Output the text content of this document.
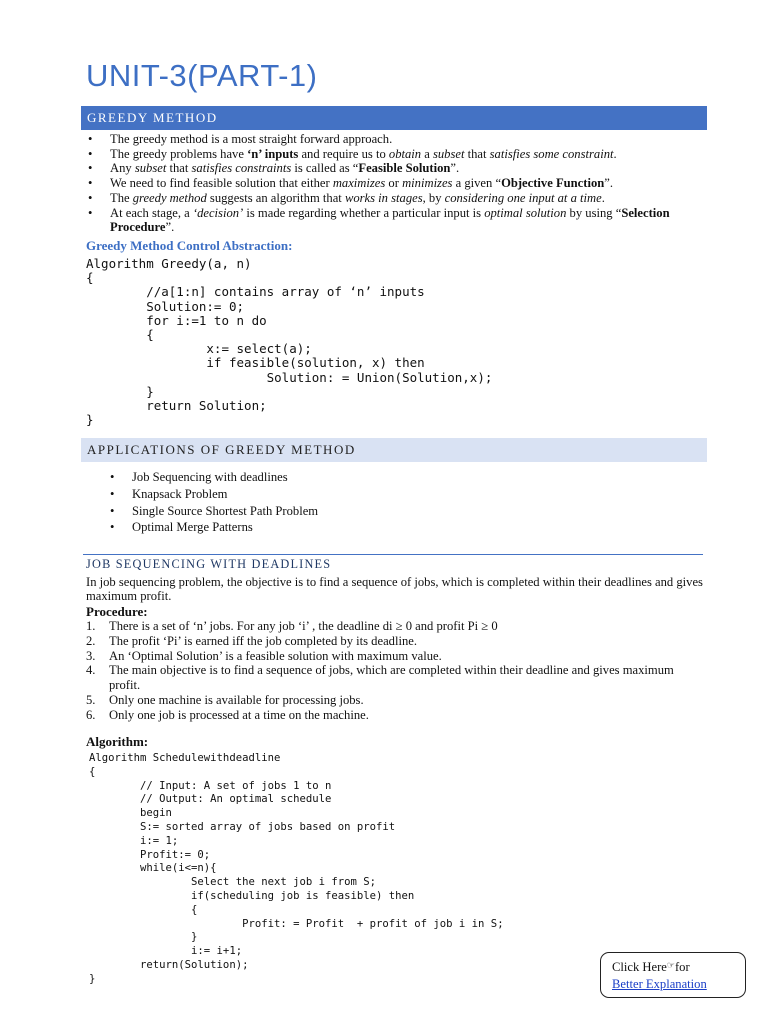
UNIT-3(PART-1)
GREEDY METHOD
• The greedy method is a most straight forward approach.
• The greedy problems have ‘n’ inputs and require us to obtain a subset that satisfies some constraint.
• Any subset that satisfies constraints is called as “Feasible Solution”.
• We need to find feasible solution that either maximizes or minimizes a given “Objective Function”.
• The greedy method suggests an algorithm that works in stages, by considering one input at a time.
• At each stage, a ‘decision’ is made regarding whether a particular input is optimal solution by using “Selection Procedure”.
Greedy Method Control Abstraction:
Algorithm Greedy(a, n)
{
//a[1:n] contains array of ‘n’ inputs
Solution:= 0;
for i:=1 to n do
{
x:= select(a);
if feasible(solution, x) then
Solution: = Union(Solution,x);
}
return Solution;
}
APPLICATIONS OF GREEDY METHOD
• Job Sequencing with deadlines
• Knapsack Problem
• Single Source Shortest Path Problem
• Optimal Merge Patterns
JOB SEQUENCING WITH DEADLINES
In job sequencing problem, the objective is to find a sequence of jobs, which is completed within their deadlines and gives maximum profit.
Procedure:
1. There is a set of ‘n’ jobs. For any job ‘i’ , the deadline di ≥ 0 and profit Pi ≥ 0
2. The profit ‘Pi’ is earned iff the job completed by its deadline.
3. An ‘Optimal Solution’ is a feasible solution with maximum value.
4. The main objective is to find a sequence of jobs, which are completed within their deadline and gives maximum profit.
5. Only one machine is available for processing jobs.
6. Only one job is processed at a time on the machine.
Algorithm:
Algorithm Schedulewithdeadline
{
// Input: A set of jobs 1 to n
// Output: An optimal schedule
begin
S:= sorted array of jobs based on profit
i:= 1;
Profit:= 0;
while(i<=n){
Select the next job i from S;
if(scheduling job is feasible) then
{
Profit: = Profit  + profit of job i in S;
}
i:= i+1;
return(Solution);
}
Click Here☞for
Better Explanation
